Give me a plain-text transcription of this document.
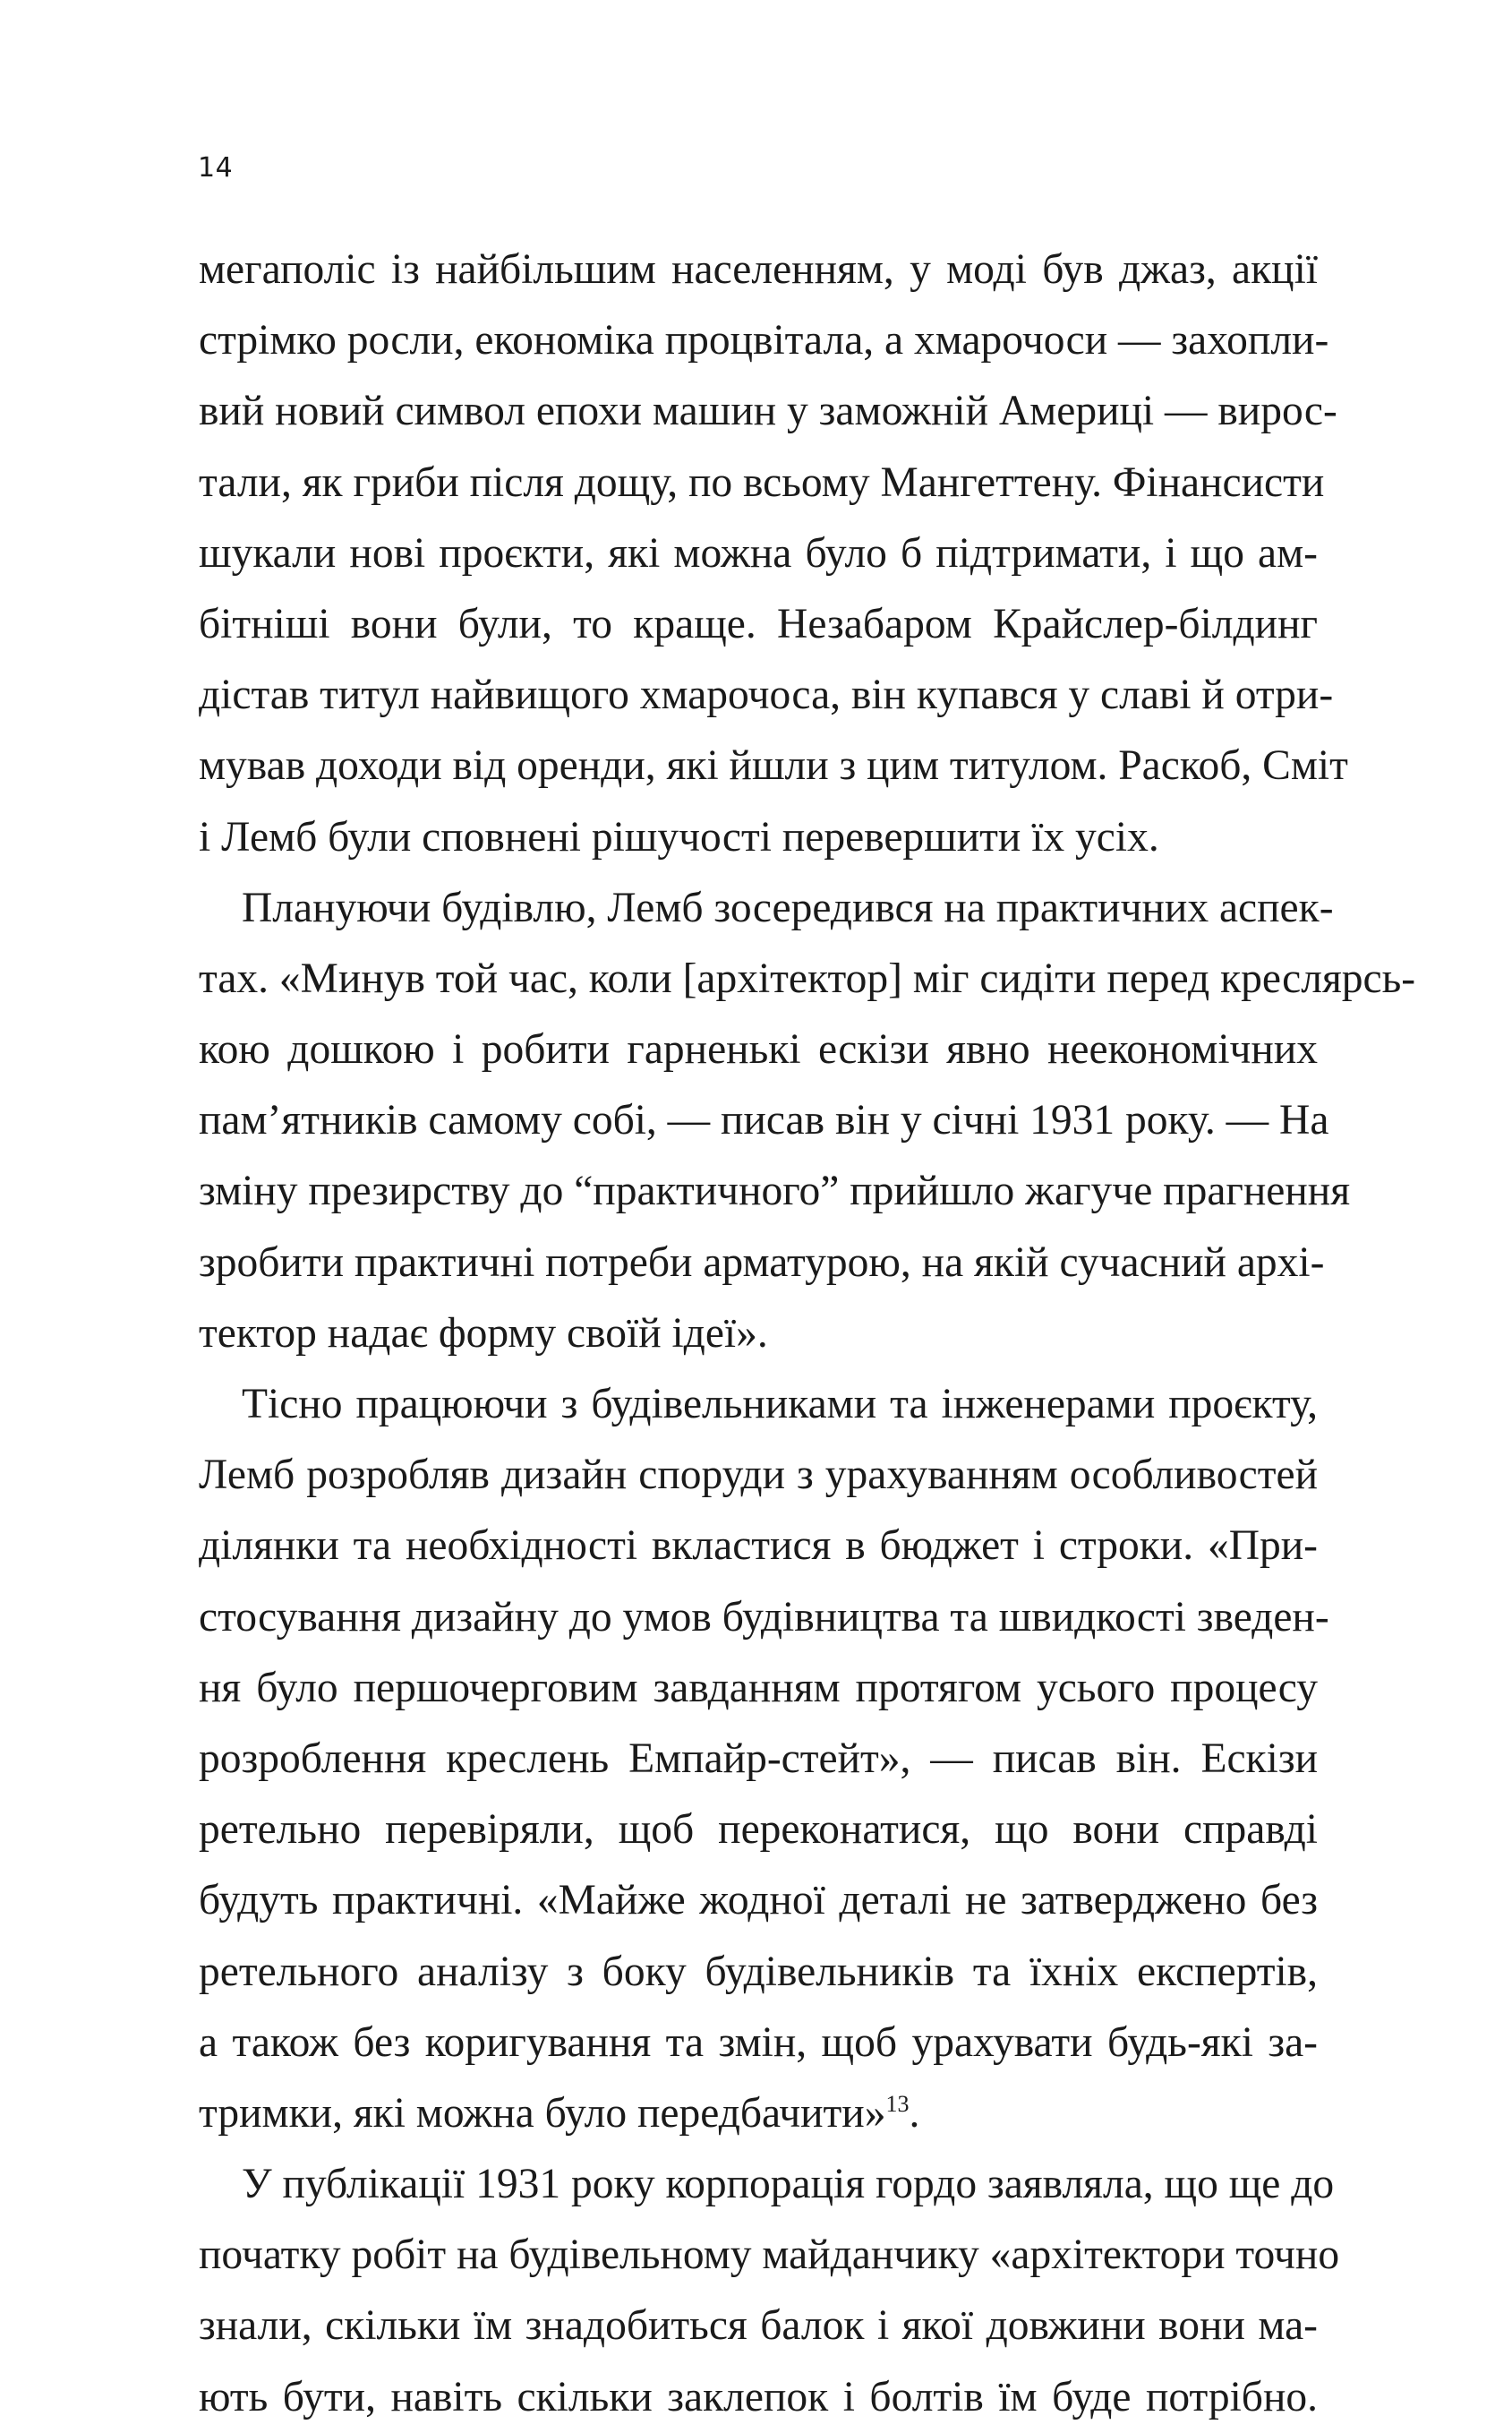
14
мегаполіс із найбільшим населенням, у моді був джаз, акції
стрімко росли, економіка процвітала, а хмарочоси — захопли-
вий новий символ епохи машин у заможній Америці — вирос-
тали, як гриби після дощу, по всьому Мангеттену. Фінансисти
шукали нові проєкти, які можна було б підтримати, і що ам-
бітніші вони були, то краще. Незабаром Крайслер-білдинг
дістав титул найвищого хмарочоса, він купався у славі й отри-
мував доходи від оренди, які йшли з цим титулом. Раскоб, Сміт
і Лемб були сповнені рішучості перевершити їх усіх.
Плануючи будівлю, Лемб зосередився на практичних аспек-
тах. «Минув той час, коли [архітектор] міг сидіти перед креслярсь-
кою дошкою і робити гарненькі ескізи явно неекономічних
пам’ятників самому собі, — писав він у січні 1931 року. — На
зміну презирству до “практичного” прийшло жагуче прагнення
зробити практичні потреби арматурою, на якій сучасний архі-
тектор надає форму своїй ідеї».
Тісно працюючи з будівельниками та інженерами проєкту,
Лемб розробляв дизайн споруди з урахуванням особливостей
ділянки та необхідності вкластися в бюджет і строки. «При-
стосування дизайну до умов будівництва та швидкості зведен-
ня було першочерговим завданням протягом усього процесу
розроблення креслень Емпайр-стейт», — писав він. Ескізи
ретельно перевіряли, щоб переконатися, що вони справді
будуть практичні. «Майже жодної деталі не затверджено без
ретельного аналізу з боку будівельників та їхніх експертів,
а також без коригування та змін, щоб урахувати будь-які за-
тримки, які можна було передбачити»$^{13}$.
У публікації 1931 року корпорація гордо заявляла, що ще до
початку робіт на будівельному майданчику «архітектори точно
знали, скільки їм знадобиться балок і якої довжини вони ма-
ють бути, навіть скільки заклепок і болтів їм буде потрібно.
